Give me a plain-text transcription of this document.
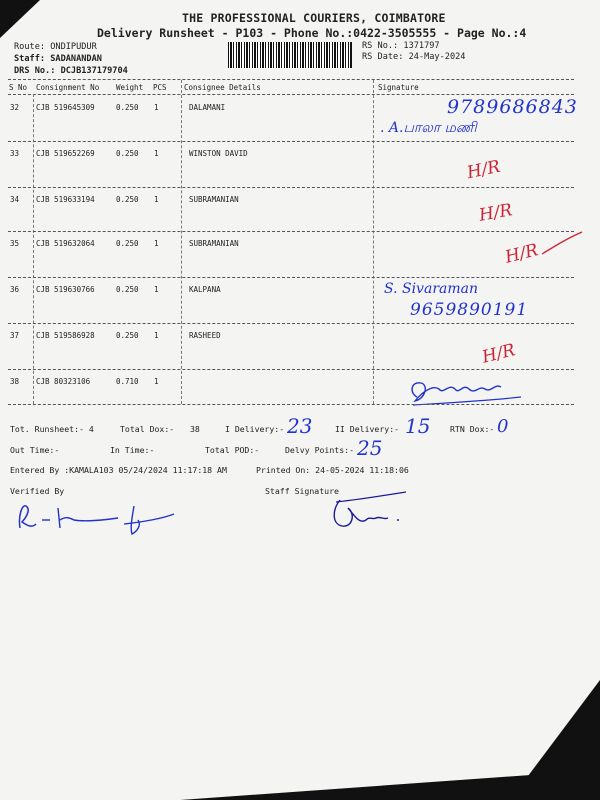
THE PROFESSIONAL COURIERS, COIMBATORE
Delivery Runsheet - P103 - Phone No.:0422-3505555 - Page No.:4
Route: ONDIPUDUR
Staff: SADANANDAN
DRS No.: DCJB137179704
RS No.: 1371797
RS Date: 24-May-2024
S No Consignment No Weight PCS Consignee Details	Signature
32 CJB 519645309	0.250 1	DALAMANI	9789686843
. A.பாலா மணி
33 CJB 519652269	0.250 1	WINSTON DAVID
H/R
34 CJB 519633194	0.250 1	SUBRAMANIAN
H/R
35 CJB 519632064	0.250 1	SUBRAMANIAN	H/R
36 CJB 519630766	0.250 1	KALPANA	S. Sivaraman
9659890191
37 CJB 519586928	0.250 1	RASHEED
H/R
38 CJB 80323106	0.710 1
Tot. Runsheet:- 4	Total Dox:- 38	I Delivery:- 23	II Delivery:- 15 RTN Dox:- 0
Out Time:-	In Time:-	Total POD:-	Delvy Points:- 25
Entered By :KAMALA103 05/24/2024 11:17:18 AM	Printed On: 24-05-2024 11:18:06
Verified By	Staff Signature
